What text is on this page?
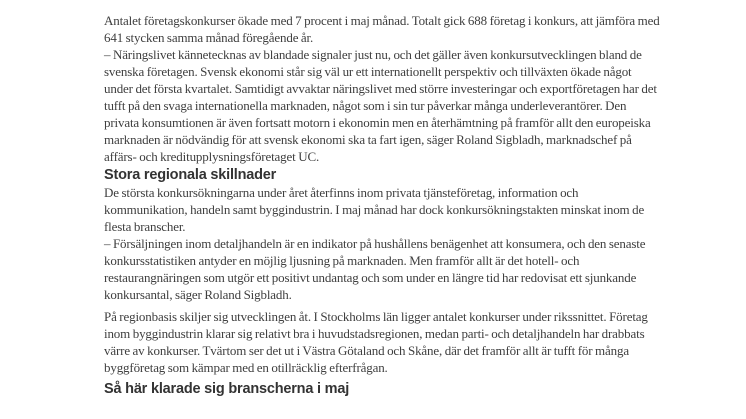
Antalet företagskonkurser ökade med 7 procent i maj månad. Totalt gick 688 företag i konkurs, att jämföra med 641 stycken samma månad föregående år.

– Näringslivet kännetecknas av blandade signaler just nu, och det gäller även konkursutvecklingen bland de svenska företagen. Svensk ekonomi står sig väl ur ett internationellt perspektiv och tillväxten ökade något under det första kvartalet. Samtidigt avvaktar näringslivet med större investeringar och exportföretagen har det tufft på den svaga internationella marknaden, något som i sin tur påverkar många underleverantörer. Den privata konsumtionen är även fortsatt motorn i ekonomin men en återhämtning på framför allt den europeiska marknaden är nödvändig för att svensk ekonomi ska ta fart igen, säger Roland Sigbladh, marknadschef på affärs- och kreditupplysningsföretaget UC.

Stora regionala skillnader

De största konkursökningarna under året återfinns inom privata tjänsteföretag, information och kommunikation, handeln samt byggindustrin. I maj månad har dock konkursökningstakten minskat inom de flesta branscher.

– Försäljningen inom detaljhandeln är en indikator på hushållens benägenhet att konsumera, och den senaste konkursstatistiken antyder en möjlig ljusning på marknaden. Men framför allt är det hotell- och restaurangnäringen som utgör ett positivt undantag och som under en längre tid har redovisat ett sjunkande konkursantal, säger Roland Sigbladh.

På regionbasis skiljer sig utvecklingen åt. I Stockholms län ligger antalet konkurser under rikssnittet. Företag inom byggindustrin klarar sig relativt bra i huvudstadsregionen, medan parti- och detaljhandeln har drabbats värre av konkurser. Tvärtom ser det ut i Västra Götaland och Skåne, där det framför allt är tufft för många byggföretag som kämpar med en otillräcklig efterfrågan.

Så här klarade sig branscherna i maj
